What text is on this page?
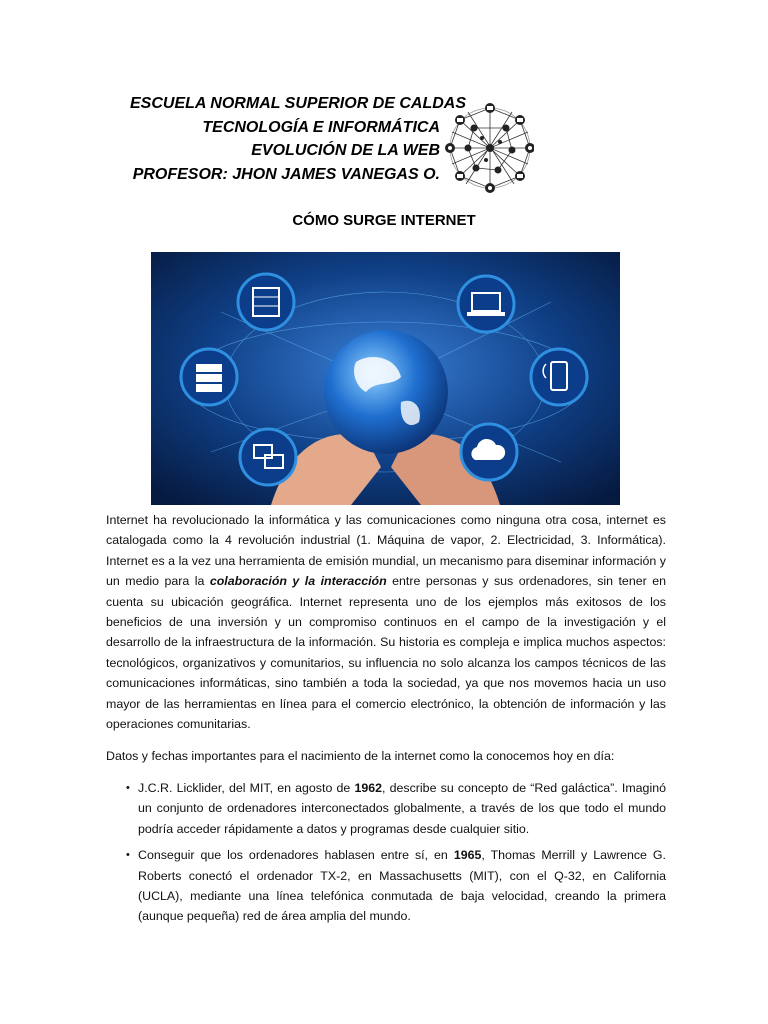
ESCUELA NORMAL SUPERIOR DE CALDAS
TECNOLOGÍA E INFORMÁTICA
EVOLUCIÓN DE LA WEB
PROFESOR: JHON JAMES VANEGAS O.
CÓMO SURGE INTERNET

Internet ha revolucionado la informática y las comunicaciones como ninguna otra cosa, internet es catalogada como la 4 revolución industrial (1. Máquina de vapor, 2. Electricidad, 3. Informática). Internet es a la vez una herramienta de emisión mundial, un mecanismo para diseminar información y un medio para la colaboración y la interacción entre personas y sus ordenadores, sin tener en cuenta su ubicación geográfica. Internet representa uno de los ejemplos más exitosos de los beneficios de una inversión y un compromiso continuos en el campo de la investigación y el desarrollo de la infraestructura de la información. Su historia es compleja e implica muchos aspectos: tecnológicos, organizativos y comunitarios, su influencia no solo alcanza los campos técnicos de las comunicaciones informáticas, sino también a toda la sociedad, ya que nos movemos hacia un uso mayor de las herramientas en línea para el comercio electrónico, la obtención de información y las operaciones comunitarias.

Datos y fechas importantes para el nacimiento de la internet como la conocemos hoy en día:

• J.C.R. Licklider, del MIT, en agosto de 1962, describe su concepto de “Red galáctica”. Imaginó un conjunto de ordenadores interconectados globalmente, a través de los que todo el mundo podría acceder rápidamente a datos y programas desde cualquier sitio.
• Conseguir que los ordenadores hablasen entre sí, en 1965, Thomas Merrill y Lawrence G. Roberts conectó el ordenador TX-2, en Massachusetts (MIT), con el Q-32, en California (UCLA), mediante una línea telefónica conmutada de baja velocidad, creando la primera (aunque pequeña) red de área amplia del mundo.
